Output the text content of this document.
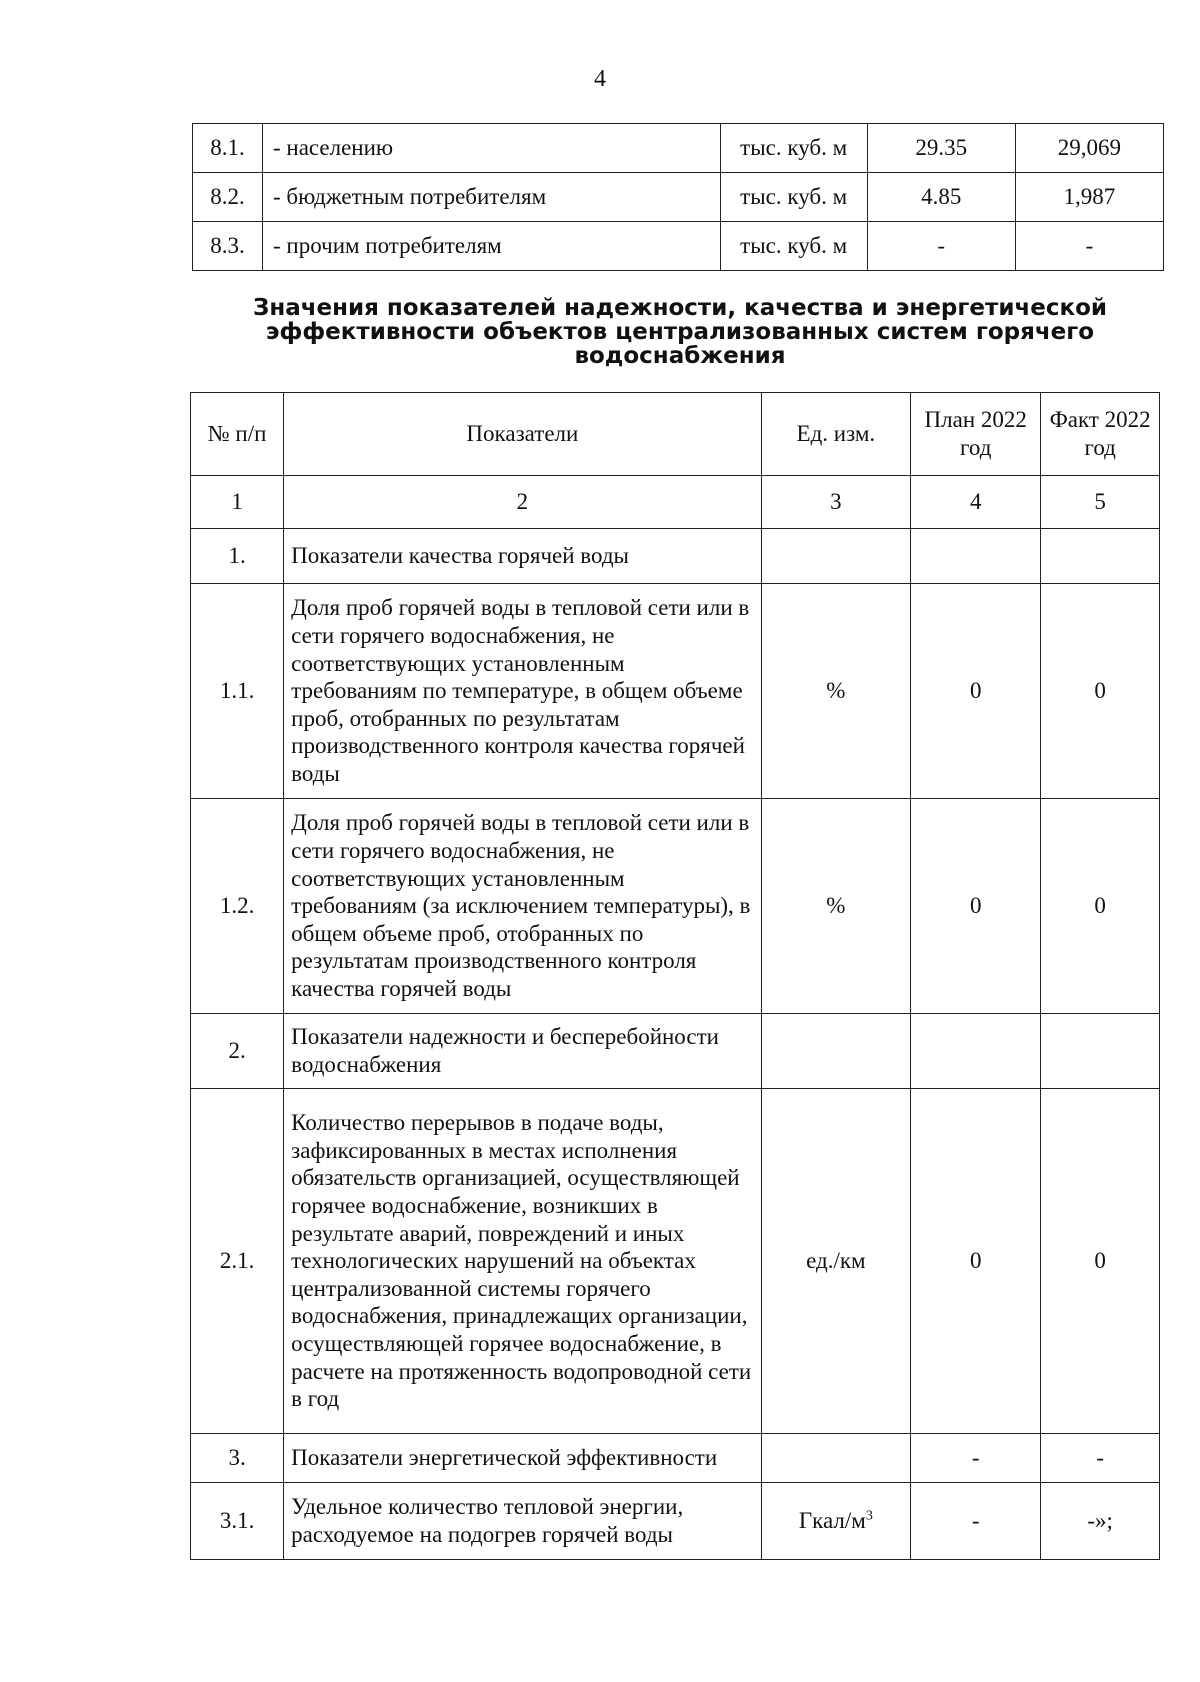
4
8.1.	- населению	тыс. куб. м	29.35	29,069
8.2.	- бюджетным потребителям	тыс. куб. м	4.85	1,987
8.3.	- прочим потребителям	тыс. куб. м	-	-
Значения показателей надежности, качества и энергетической
эффективности объектов централизованных систем горячего
водоснабжения
№ п/п	Показатели	Ед. изм.	План 2022 год	Факт 2022 год
1	2	3	4	5
1.	Показатели качества горячей воды			
1.1.	Доля проб горячей воды в тепловой сети или в сети горячего водоснабжения, не соответствующих установленным требованиям по температуре, в общем объеме проб, отобранных по результатам производственного контроля качества горячей воды	%	0	0
1.2.	Доля проб горячей воды в тепловой сети или в сети горячего водоснабжения, не соответствующих установленным требованиям (за исключением температуры), в общем объеме проб, отобранных по результатам производственного контроля качества горячей воды	%	0	0
2.	Показатели надежности и бесперебойности водоснабжения			
2.1.	Количество перерывов в подаче воды, зафиксированных в местах исполнения обязательств организацией, осуществляющей горячее водоснабжение, возникших в результате аварий, повреждений и иных технологических нарушений на объектах централизованной системы горячего водоснабжения, принадлежащих организации, осуществляющей горячее водоснабжение, в расчете на протяженность водопроводной сети в год	ед./км	0	0
3.	Показатели энергетической эффективности		-	-
3.1.	Удельное количество тепловой энергии, расходуемое на подогрев горячей воды	Гкал/$м^3$	-	-»;
